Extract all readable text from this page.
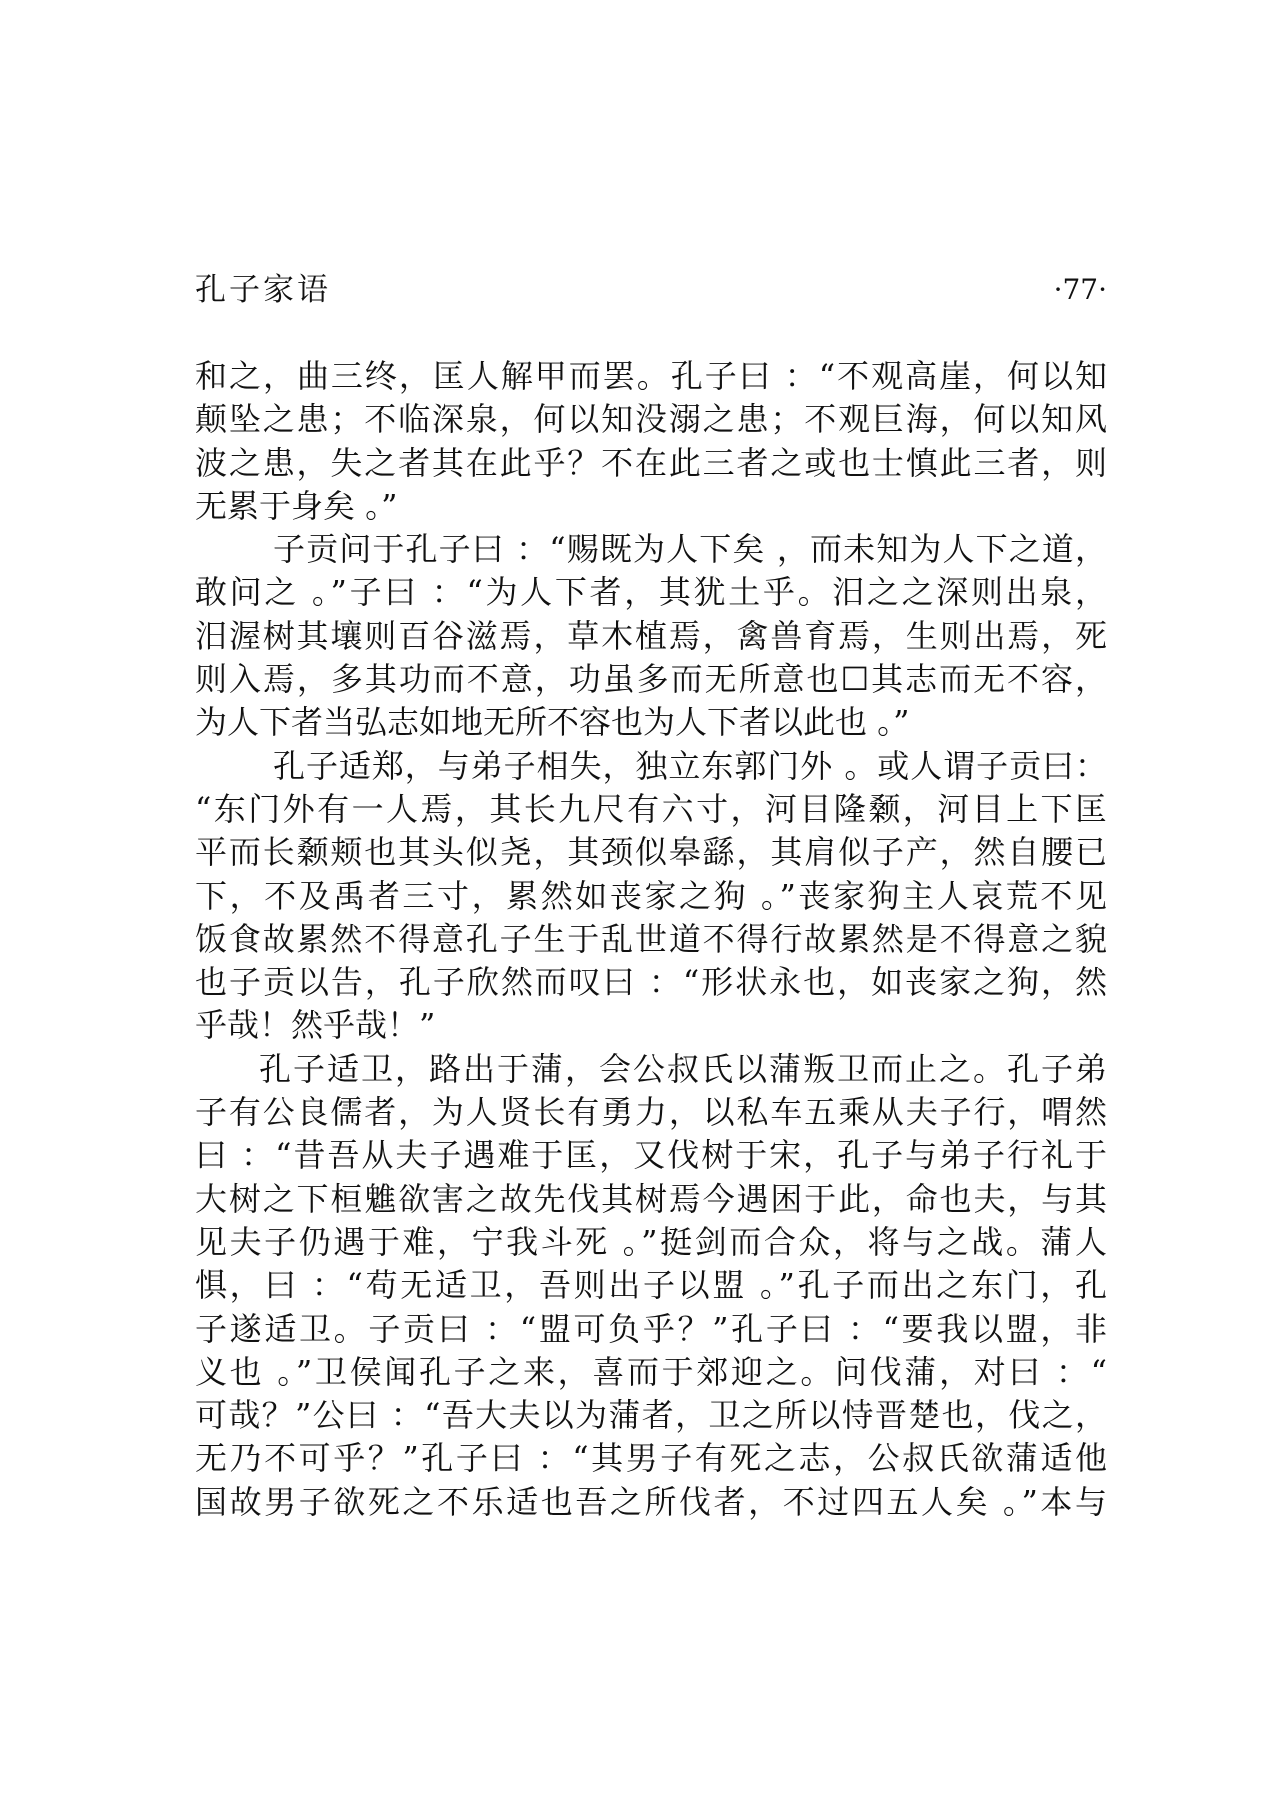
孔子家语	·77·
和之，曲三终，匡人解甲而罢。孔子曰 ：“不观高崖，何以知
颠坠之患；不临深泉，何以知没溺之患；不观巨海，何以知风
波之患，失之者其在此乎？不在此三者之或也士慎此三者，则
无累于身矣 。”
子贡问于孔子曰 ：“赐既为人下矣 ，而未知为人下之道，
敢问之 。”子曰 ：“为人下者，其犹土乎。汨之之深则出泉，
汨渥树其壤则百谷滋焉，草木植焉，禽兽育焉，生则出焉，死
则入焉，多其功而不意，功虽多而无所意也☐其志而无不容，
为人下者当弘志如地无所不容也为人下者以此也 。”
孔子适郑，与弟子相失，独立东郭门外 。或人谓子贡曰：
“东门外有一人焉，其长九尺有六寸，河目隆颡，河目上下匡
平而长颡颊也其头似尧，其颈似皋繇，其肩似子产，然自腰已
下，不及禹者三寸，累然如丧家之狗 。”丧家狗主人哀荒不见
饭食故累然不得意孔子生于乱世道不得行故累然是不得意之貌
也子贡以告，孔子欣然而叹曰 ：“形状永也，如丧家之狗，然
乎哉！然乎哉！”
孔子适卫，路出于蒲，会公叔氏以蒲叛卫而止之。孔子弟
子有公良儒者，为人贤长有勇力，以私车五乘从夫子行，喟然
曰 ：“昔吾从夫子遇难于匡，又伐树于宋，孔子与弟子行礼于
大树之下桓魋欲害之故先伐其树焉今遇困于此，命也夫，与其
见夫子仍遇于难，宁我斗死 。”挺剑而合众，将与之战。蒲人
惧，曰 ：“苟无适卫，吾则出子以盟 。”孔子而出之东门，孔
子遂适卫。子贡曰 ：“盟可负乎？”孔子曰 ：“要我以盟，非
义也 。”卫侯闻孔子之来，喜而于郊迎之。问伐蒲，对曰 ：“
可哉？”公曰 ：“吾大夫以为蒲者，卫之所以恃晋楚也，伐之，
无乃不可乎？”孔子曰 ：“其男子有死之志，公叔氏欲蒲适他
国故男子欲死之不乐适也吾之所伐者，不过四五人矣 。”本与
